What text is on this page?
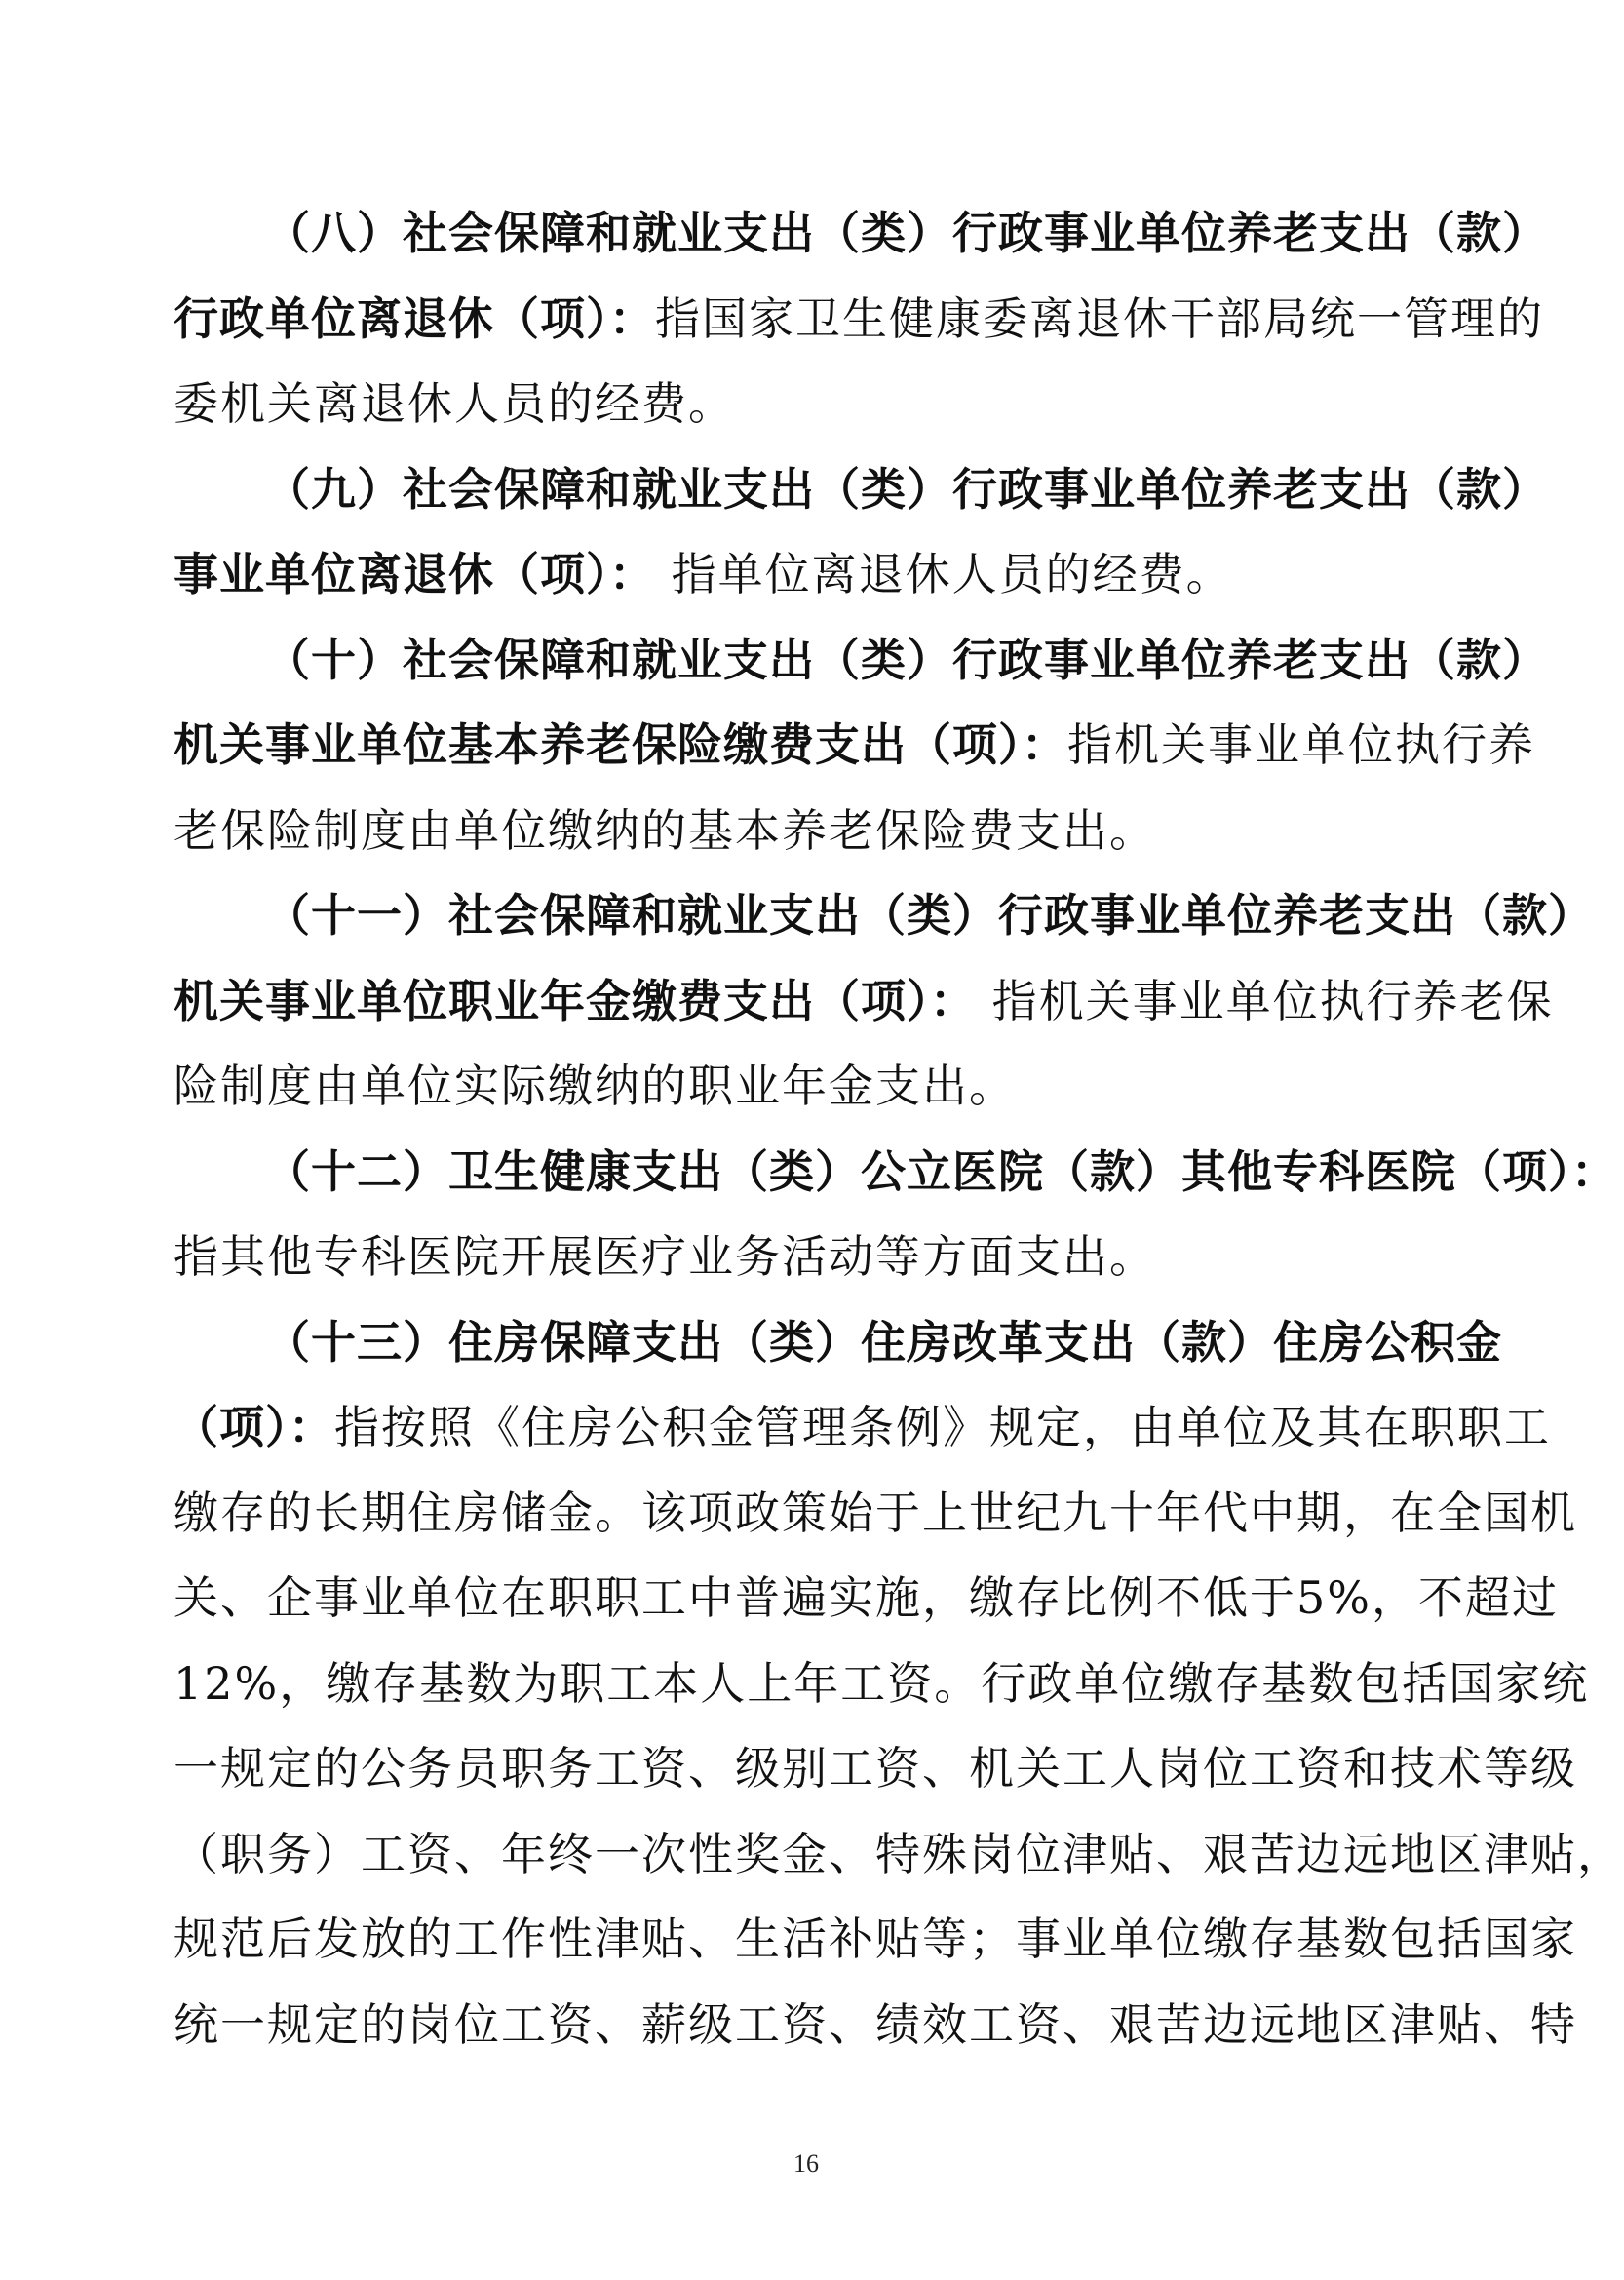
（八）社会保障和就业支出（类）行政事业单位养老支出（款）
行政单位离退休（项）：指国家卫生健康委离退休干部局统一管理的
委机关离退休人员的经费。
（九）社会保障和就业支出（类）行政事业单位养老支出（款）
事业单位离退休（项）： 指单位离退休人员的经费。
（十）社会保障和就业支出（类）行政事业单位养老支出（款）
机关事业单位基本养老保险缴费支出（项）：指机关事业单位执行养
老保险制度由单位缴纳的基本养老保险费支出。
（十一）社会保障和就业支出（类）行政事业单位养老支出（款）
机关事业单位职业年金缴费支出（项）： 指机关事业单位执行养老保
险制度由单位实际缴纳的职业年金支出。
（十二）卫生健康支出（类）公立医院（款）其他专科医院（项）：
指其他专科医院开展医疗业务活动等方面支出。
（十三）住房保障支出（类）住房改革支出（款）住房公积金
（项）：指按照《住房公积金管理条例》规定，由单位及其在职职工
缴存的长期住房储金。该项政策始于上世纪九十年代中期，在全国机
关、企事业单位在职职工中普遍实施，缴存比例不低于5%，不超过
12%，缴存基数为职工本人上年工资。行政单位缴存基数包括国家统
一规定的公务员职务工资、级别工资、机关工人岗位工资和技术等级
（职务）工资、年终一次性奖金、特殊岗位津贴、艰苦边远地区津贴，
规范后发放的工作性津贴、生活补贴等；事业单位缴存基数包括国家
统一规定的岗位工资、薪级工资、绩效工资、艰苦边远地区津贴、特
16
